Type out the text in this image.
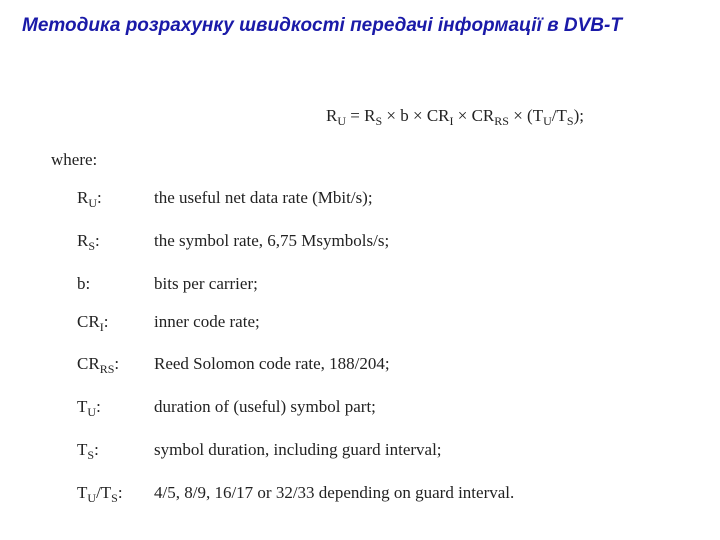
Методика розрахунку швидкості передачі інформації в DVB-T
$R_U = R_S \times b \times CR_I \times CR_{RS} \times (T_U/T_S)$;
where:
$R_U$:	the useful net data rate (Mbit/s);
$R_S$:	the symbol rate, 6,75 Msymbols/s;
b:	bits per carrier;
$CR_I$:	inner code rate;
$CR_{RS}$: Reed Solomon code rate, 188/204;
$T_U$:	duration of (useful) symbol part;
$T_S$:	symbol duration, including guard interval;
$T_U/T_S$: 4/5, 8/9, 16/17 or 32/33 depending on guard interval.
